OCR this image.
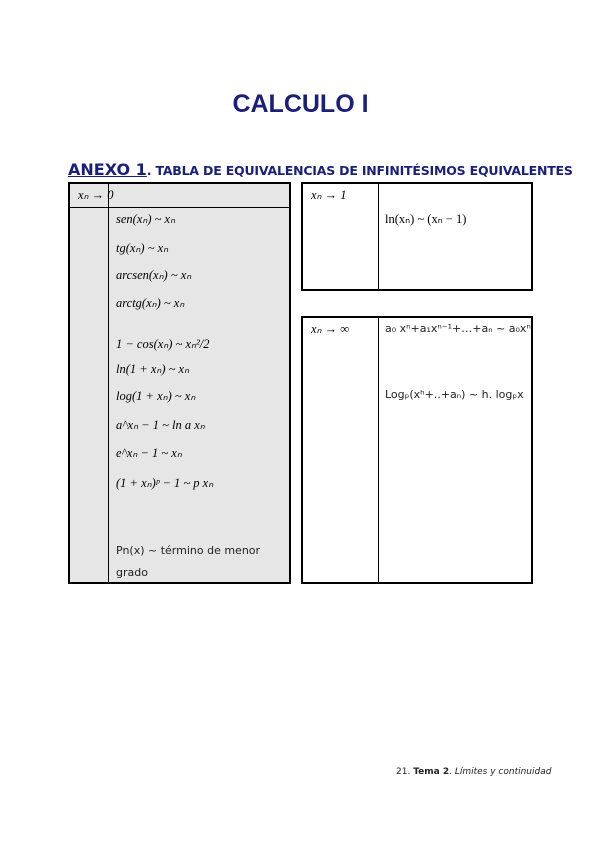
CALCULO I
ANEXO 1. TABLA DE EQUIVALENCIAS DE INFINITÉSIMOS EQUIVALENTES
xₙ → 0
sen(xₙ) ~ xₙ
tg(xₙ) ~ xₙ
arcsen(xₙ) ~ xₙ
arctg(xₙ) ~ xₙ
1 − cos(xₙ) ~ xₙ²/2
ln(1 + xₙ) ~ xₙ
log(1 + xₙ) ~ xₙ
a^xₙ − 1 ~ ln a xₙ
e^xₙ − 1 ~ xₙ
(1 + xₙ)ᵖ − 1 ~ p xₙ
Pn(x) ~ término de menor
grado
xₙ → 1
ln(xₙ) ~ (xₙ − 1)
xₙ → ∞	a₀ xⁿ+a₁xⁿ⁻¹+…+aₙ ~ a₀xⁿ
Logₚ(xʰ+..+aₙ) ~ h. logₚx
21. Tema 2. Límites y continuidad
